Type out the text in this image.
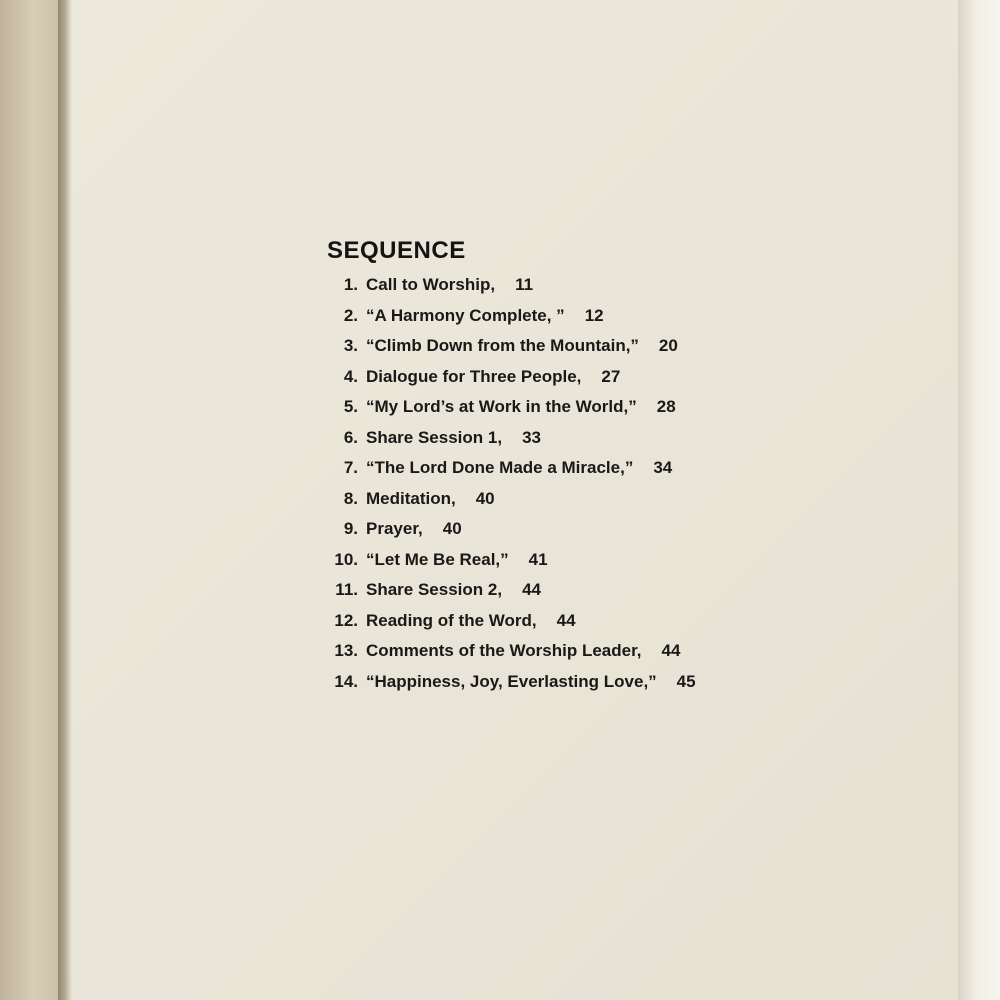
SEQUENCE
1. Call to Worship, 11
2. “A Harmony Complete, ” 12
3. “Climb Down from the Mountain,” 20
4. Dialogue for Three People, 27
5. “My Lord’s at Work in the World,” 28
6. Share Session 1, 33
7. “The Lord Done Made a Miracle,” 34
8. Meditation, 40
9. Prayer, 40
10. “Let Me Be Real,” 41
11. Share Session 2, 44
12. Reading of the Word, 44
13. Comments of the Worship Leader, 44
14. “Happiness, Joy, Everlasting Love,” 45
